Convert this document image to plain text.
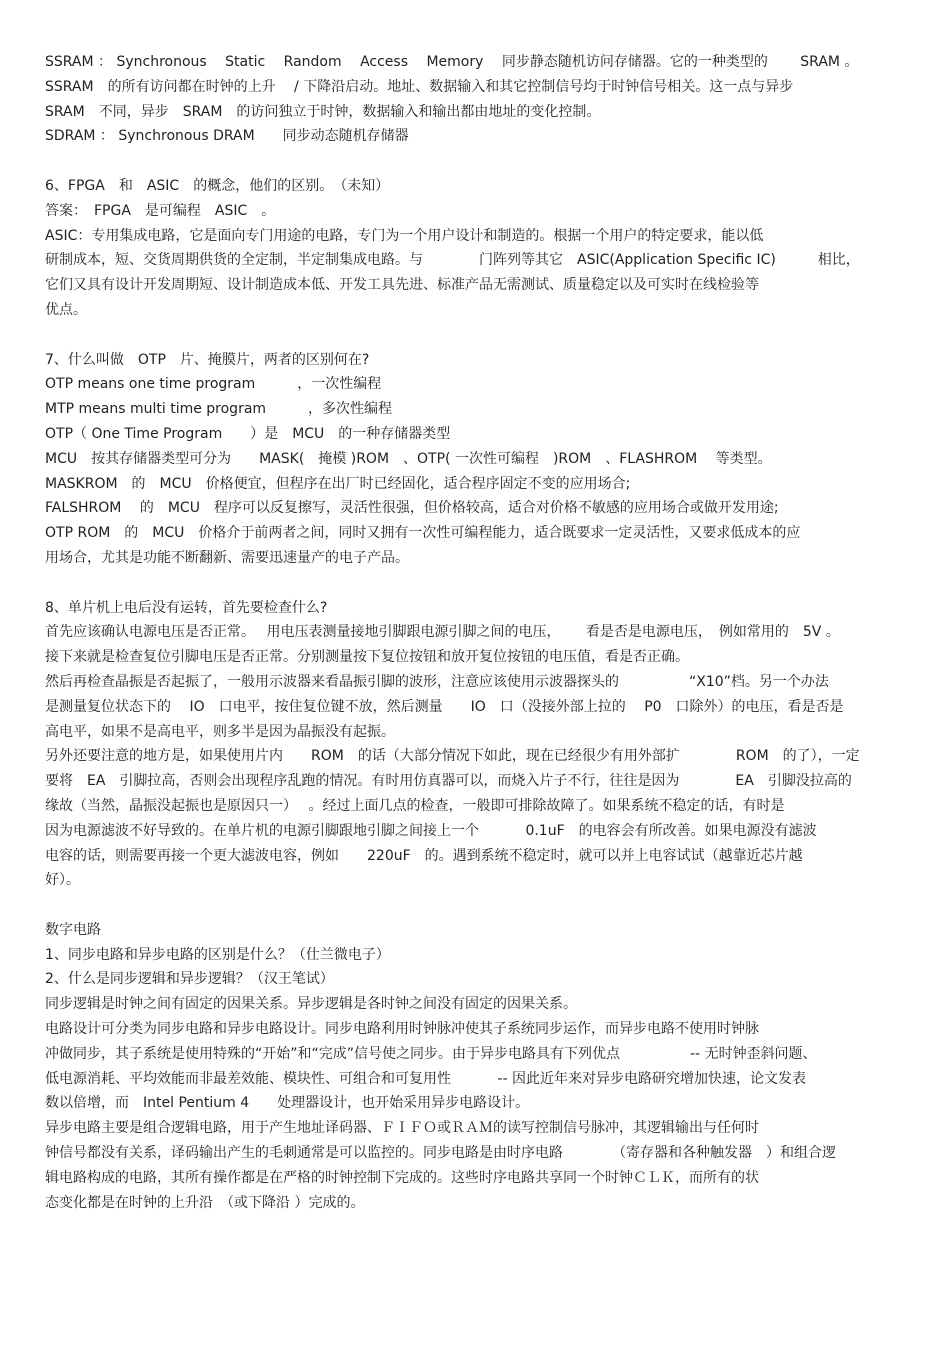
SSRAM ： Synchronous　 Static　 Random　 Access　 Memory　 同步静态随机访问存储器。它的一种类型的　　 SRAM 。
SSRAM　的所有访问都在时钟的上升　 / 下降沿启动。地址、数据输入和其它控制信号均于时钟信号相关。这一点与异步
SRAM　不同，异步　SRAM　的访问独立于时钟，数据输入和输出都由地址的变化控制。
SDRAM ： Synchronous DRAM　　同步动态随机存储器
6、FPGA　和　ASIC　的概念，他们的区别。　（未知）
答案：　FPGA　是可编程　ASIC　。
ASIC：专用集成电路，它是面向专门用途的电路，专门为一个用户设计和制造的。根据一个用户的特定要求，能以低
研制成本，短、交货周期供货的全定制，半定制集成电路。与　　　　门阵列等其它　ASIC(Application Specific IC)　　　相比，
它们又具有设计开发周期短、设计制造成本低、开发工具先进、标准产品无需测试、质量稳定以及可实时在线检验等
优点。
7、什么叫做　OTP　片、掩膜片，两者的区别何在?
OTP means one time program　　　，一次性编程
MTP means multi time program　　　，多次性编程
OTP（ One Time Program　　）是　MCU　的一种存储器类型
MCU　按其存储器类型可分为　　MASK(　掩模 )ROM　、OTP( 一次性可编程　)ROM　、FLASHROM　 等类型。
MASKROM　的　MCU　价格便宜，但程序在出厂时已经固化，适合程序固定不变的应用场合;
FALSHROM　 的　MCU　程序可以反复擦写，灵活性很强，但价格较高，适合对价格不敏感的应用场合或做开发用途;
OTP ROM　的　MCU　价格介于前两者之间，同时又拥有一次性可编程能力，适合既要求一定灵活性，又要求低成本的应
用场合，尤其是功能不断翻新、需要迅速量产的电子产品。
8、单片机上电后没有运转，首先要检查什么?
首先应该确认电源电压是否正常。　 用电压表测量接地引脚跟电源引脚之间的电压，　　 看是否是电源电压，　例如常用的　5V 。
接下来就是检查复位引脚电压是否正常。分别测量按下复位按钮和放开复位按钮的电压值，看是否正确。
然后再检查晶振是否起振了，一般用示波器来看晶振引脚的波形，注意应该使用示波器探头的　　　　　“X10”档。另一个办法
是测量复位状态下的　 IO　口电平，按住复位键不放，然后测量　　IO　口（没接外部上拉的　 P0　口除外）的电压，看是否是
高电平，如果不是高电平，则多半是因为晶振没有起振。
另外还要注意的地方是，如果使用片内　　ROM　的话（大部分情况下如此，现在已经很少有用外部扩　　　　ROM　的了），一定
要将　EA　引脚拉高，否则会出现程序乱跑的情况。有时用仿真器可以，而烧入片子不行，往往是因为　　　　EA　引脚没拉高的
缘故（当然，晶振没起振也是原因只一）　 。经过上面几点的检查，一般即可排除故障了。如果系统不稳定的话，有时是
因为电源滤波不好导致的。在单片机的电源引脚跟地引脚之间接上一个　　　 0.1uF　的电容会有所改善。如果电源没有滤波
电容的话，则需要再接一个更大滤波电容，例如　　220uF　的。遇到系统不稳定时，就可以并上电容试试（越靠近芯片越
好）。
数字电路
1、同步电路和异步电路的区别是什么？（仕兰微电子）
2、什么是同步逻辑和异步逻辑？（汉王笔试）
同步逻辑是时钟之间有固定的因果关系。异步逻辑是各时钟之间没有固定的因果关系。
电路设计可分类为同步电路和异步电路设计。同步电路利用时钟脉冲使其子系统同步运作，而异步电路不使用时钟脉
冲做同步，其子系统是使用特殊的“开始”和“完成”信号使之同步。由于异步电路具有下列优点　　　　　-- 无时钟歪斜问题、
低电源消耗、平均效能而非最差效能、模块性、可组合和可复用性　　　 -- 因此近年来对异步电路研究增加快速，论文发表
数以倍增，而　Intel Pentium 4　　处理器设计，也开始采用异步电路设计。
异步电路主要是组合逻辑电路，用于产生地址译码器、ＦＩＦＯ或ＲＡＭ的读写控制信号脉冲，其逻辑输出与任何时
钟信号都没有关系，译码输出产生的毛刺通常是可以监控的。同步电路是由时序电路　　　　（寄存器和各种触发器　）和组合逻
辑电路构成的电路，其所有操作都是在严格的时钟控制下完成的。这些时序电路共享同一个时钟ＣＬＫ，而所有的状
态变化都是在时钟的上升沿　（或下降沿 ）完成的。
